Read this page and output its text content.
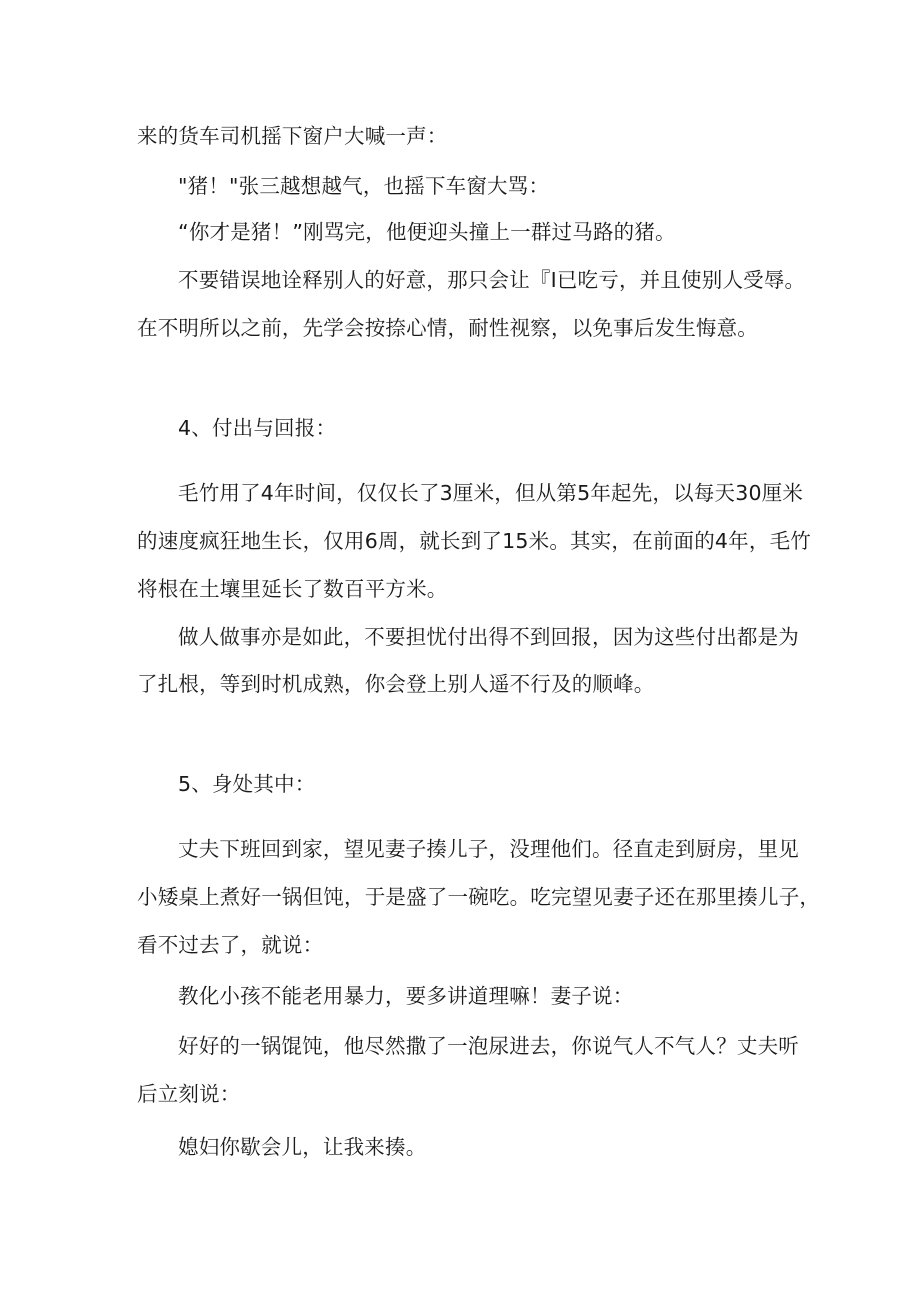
来的货车司机摇下窗户大喊一声：
"猪！"张三越想越气，也摇下车窗大骂：
“你才是猪！”刚骂完，他便迎头撞上一群过马路的猪。
不要错误地诠释别人的好意，那只会让『I已吃亏，并且使别人受辱。
在不明所以之前，先学会按捺心情，耐性视察，以免事后发生悔意。
4、付出与回报：
毛竹用了4年时间，仅仅长了3厘米，但从第5年起先，以每天30厘米
的速度疯狂地生长，仅用6周，就长到了15米。其实，在前面的4年，毛竹
将根在土壤里延长了数百平方米。
做人做事亦是如此，不要担忧付出得不到回报，因为这些付出都是为
了扎根，等到时机成熟，你会登上别人遥不行及的顺峰。
5、身处其中：
丈夫下班回到家，望见妻子揍儿子，没理他们。径直走到厨房，里见
小矮桌上煮好一锅但饨，于是盛了一碗吃。吃完望见妻子还在那里揍儿子，
看不过去了，就说：
教化小孩不能老用暴力，要多讲道理嘛！妻子说：
好好的一锅馄饨，他尽然撒了一泡尿进去，你说气人不气人？丈夫听
后立刻说：
媳妇你歇会儿，让我来揍。
